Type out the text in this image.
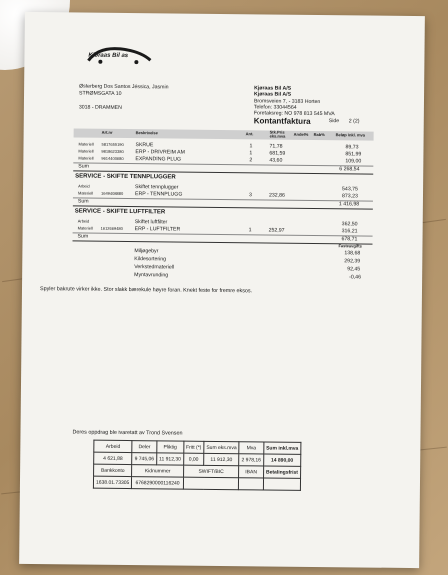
Kjøraas Bil as
Østerberg Dos Santos Jéssica, Jasmin
STRØMSGATA 10
3018 - DRAMMEN
Kjøraas Bil A/S
Kjøraas Bil A/S
Bromsveien 7, - 3183 Horten
Telefon: 33044564
Foretaksreg: NO 978 813 545 MVA
Kontantfaktura	Side 2 (2)
Art.nr	Beskrivelse	Ant.	Stk.Pris eks.mva	Andel% Rab%	Beløp inkl. mva
Materiell 5817655190 SKRUE	1	71,78	89,73
Materiell 9818623380 ERP - DRIVREIM AM	1	681,59	851,99
Materiell 9614400680 EXPANDING PLUG	2	43,60	109,00
Sum	6 268,54
SERVICE - SKIFTE TENNPLUGGER
Arbeid	Skiftet tennplugger	543,75
Materiell 1649408880 ERP - TENNPLUGG	3	232,86	873,23
Sum	1 416,98
SERVICE - SKIFTE LUFTFILTER
Arbeid	Skiftet luftfilter	362,50
Materiell 1612669480 ERP - LUFTFILTER	1	252,97	316,21
Sum	678,71
Fasteavgifts
Miljøgebyr	138,68
Kildesortering	292,39
Verkstedmateriell	92,45
Myntavrunding	-0,46
Spyler bakrute virker ikke. Stor slakk bærekule høyre foran. Knekt feste for fremre eksos.
Deres oppdrag ble ivaretatt av Trond Svensen
Arbeid	Deler	Pliktig	Fritt (*)	Sum eks.mva	Mva	Sum inkl.mva
4 621,88	9 745,06	11 912,30	0,00	11 912,30	2 978,16	14 890,00
Bankkonto	Kidnummer		SWIFT/BIC		IBAN	Betalingsfrist
1638.01.73305	6768290000116240					
